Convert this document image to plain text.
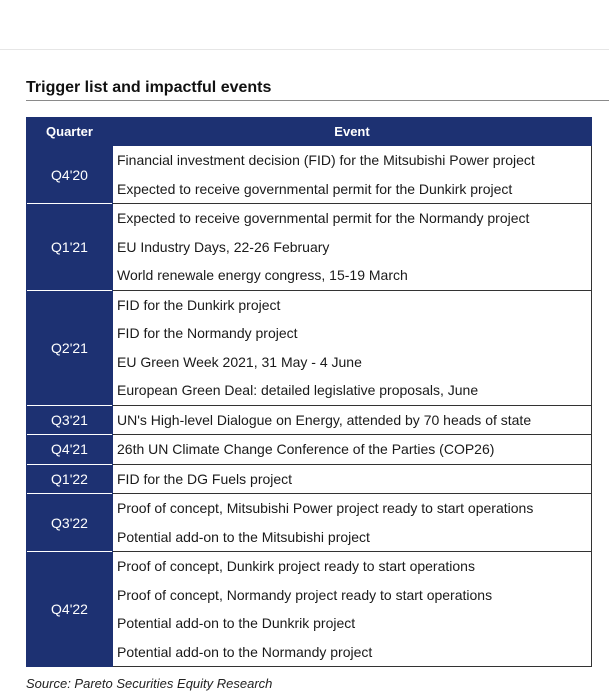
Trigger list and impactful events
Quarter	Event
Q4'20	Financial investment decision (FID) for the Mitsubishi Power project
	Expected to receive governmental permit for the Dunkirk project
Q1'21	Expected to receive governmental permit for the Normandy project
	EU Industry Days, 22-26 February
	World renewale energy congress, 15-19 March
Q2'21	FID for the Dunkirk project
	FID for the Normandy project
	EU Green Week 2021, 31 May - 4 June
	European Green Deal: detailed legislative proposals, June
Q3'21	UN's High-level Dialogue on Energy, attended by 70 heads of state
Q4'21	26th UN Climate Change Conference of the Parties (COP26)
Q1'22	FID for the DG Fuels project
Q3'22	Proof of concept, Mitsubishi Power project ready to start operations
	Potential add-on to the Mitsubishi project
Q4'22	Proof of concept, Dunkirk project ready to start operations
	Proof of concept, Normandy project ready to start operations
	Potential add-on to the Dunkrik project
	Potential add-on to the Normandy project
Source: Pareto Securities Equity Research
